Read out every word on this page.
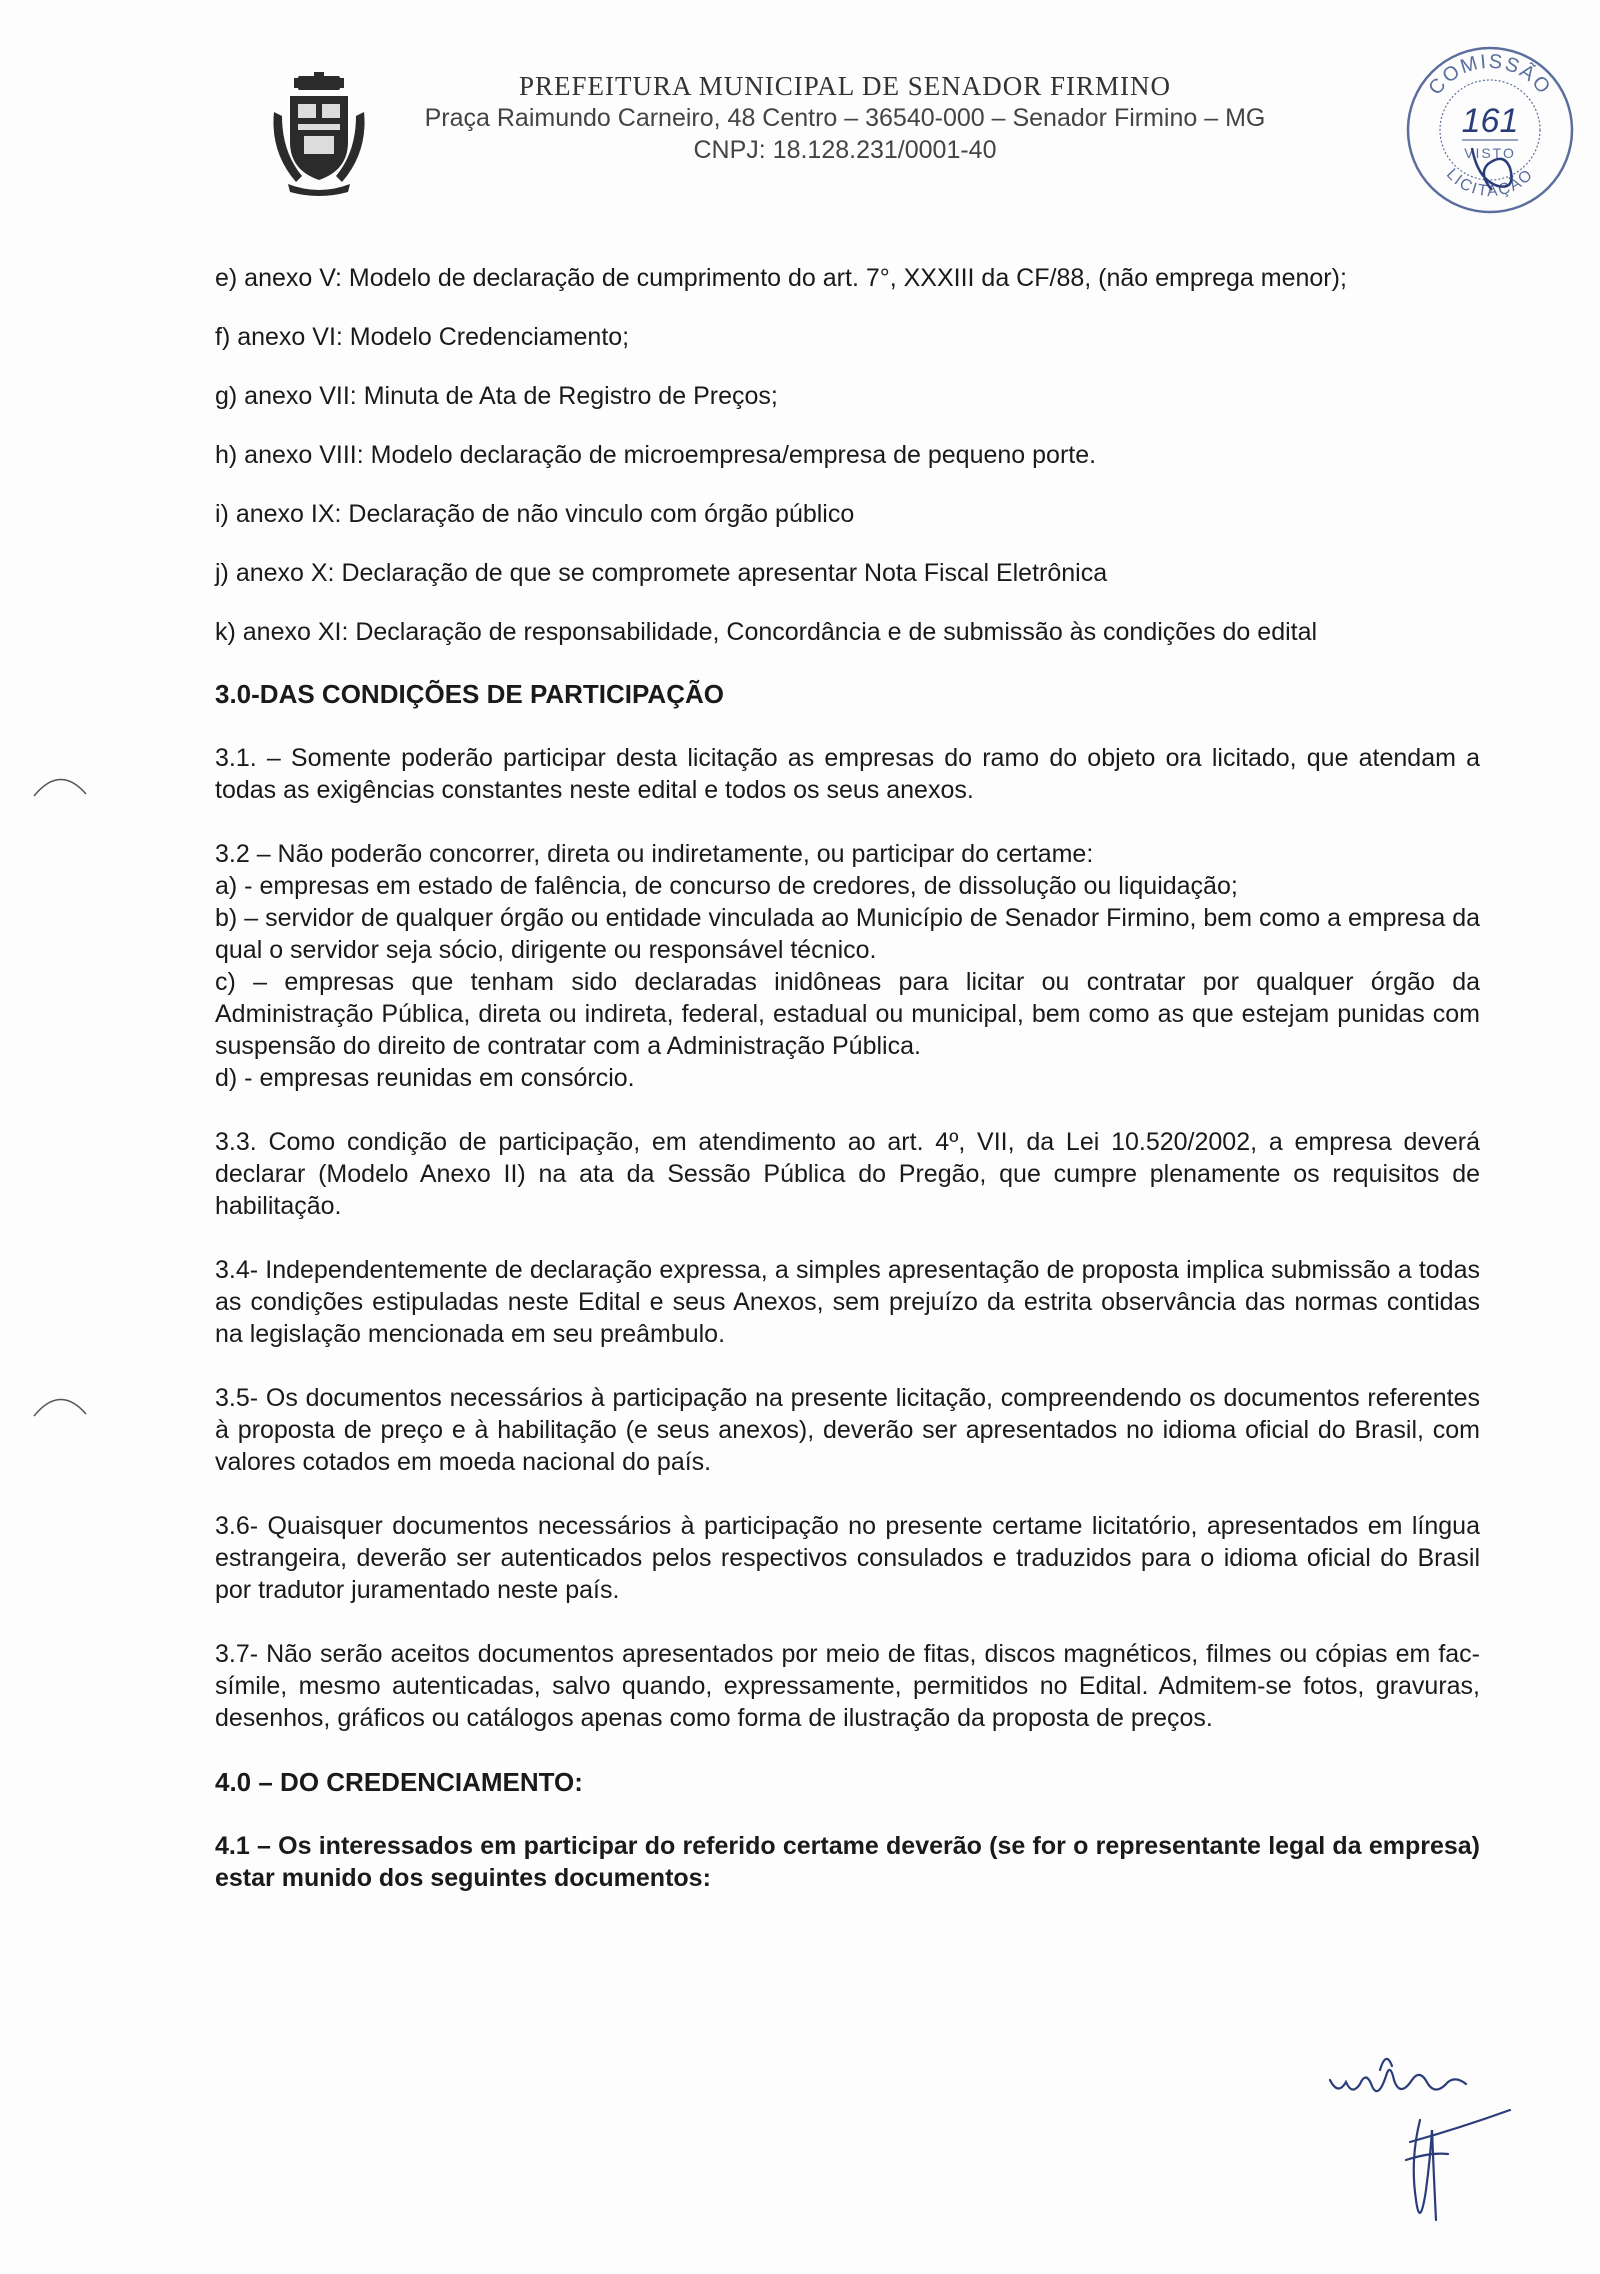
PREFEITURA MUNICIPAL DE SENADOR FIRMINO
Praça Raimundo Carneiro, 48 Centro – 36540-000 – Senador Firmino – MG
CNPJ: 18.128.231/0001-40
COMISSÃO
LICITAÇÃO
161
VISTO
e) anexo V: Modelo de declaração de cumprimento do art. 7°, XXXIII da CF/88, (não emprega menor);
f) anexo VI: Modelo Credenciamento;
g) anexo VII: Minuta de Ata de Registro de Preços;
h) anexo VIII: Modelo declaração de microempresa/empresa de pequeno porte.
i) anexo IX: Declaração de não vinculo com órgão público
j) anexo X: Declaração de que se compromete apresentar Nota Fiscal Eletrônica
k) anexo XI: Declaração de responsabilidade, Concordância e de submissão às condições do edital
3.0-DAS CONDIÇÕES DE PARTICIPAÇÃO
3.1. – Somente poderão participar desta licitação as empresas do ramo do objeto ora licitado, que atendam a todas as exigências constantes neste edital e todos os seus anexos.

3.2 – Não poderão concorrer, direta ou indiretamente, ou participar do certame:

a) - empresas em estado de falência, de concurso de credores, de dissolução ou liquidação;

b) – servidor de qualquer órgão ou entidade vinculada ao Município de Senador Firmino, bem como a empresa da qual o servidor seja sócio, dirigente ou responsável técnico.

c) – empresas que tenham sido declaradas inidôneas para licitar ou contratar por qualquer órgão da Administração Pública, direta ou indireta, federal, estadual ou municipal, bem como as que estejam punidas com suspensão do direito de contratar com a Administração Pública.

d) - empresas reunidas em consórcio.

3.3. Como condição de participação, em atendimento ao art. 4º, VII, da Lei 10.520/2002, a empresa deverá declarar (Modelo Anexo II) na ata da Sessão Pública do Pregão, que cumpre plenamente os requisitos de habilitação.
3.4- Independentemente de declaração expressa, a simples apresentação de proposta implica submissão a todas as condições estipuladas neste Edital e seus Anexos, sem prejuízo da estrita observância das normas contidas na legislação mencionada em seu preâmbulo.
3.5- Os documentos necessários à participação na presente licitação, compreendendo os documentos referentes à proposta de preço e à habilitação (e seus anexos), deverão ser apresentados no idioma oficial do Brasil, com valores cotados em moeda nacional do país.
3.6- Quaisquer documentos necessários à participação no presente certame licitatório, apresentados em língua estrangeira, deverão ser autenticados pelos respectivos consulados e traduzidos para o idioma oficial do Brasil por tradutor juramentado neste país.
3.7- Não serão aceitos documentos apresentados por meio de fitas, discos magnéticos, filmes ou cópias em fac-símile, mesmo autenticadas, salvo quando, expressamente, permitidos no Edital. Admitem-se fotos, gravuras, desenhos, gráficos ou catálogos apenas como forma de ilustração da proposta de preços.
4.0 – DO CREDENCIAMENTO:
4.1 – Os interessados em participar do referido certame deverão (se for o representante legal da empresa) estar munido dos seguintes documentos:
